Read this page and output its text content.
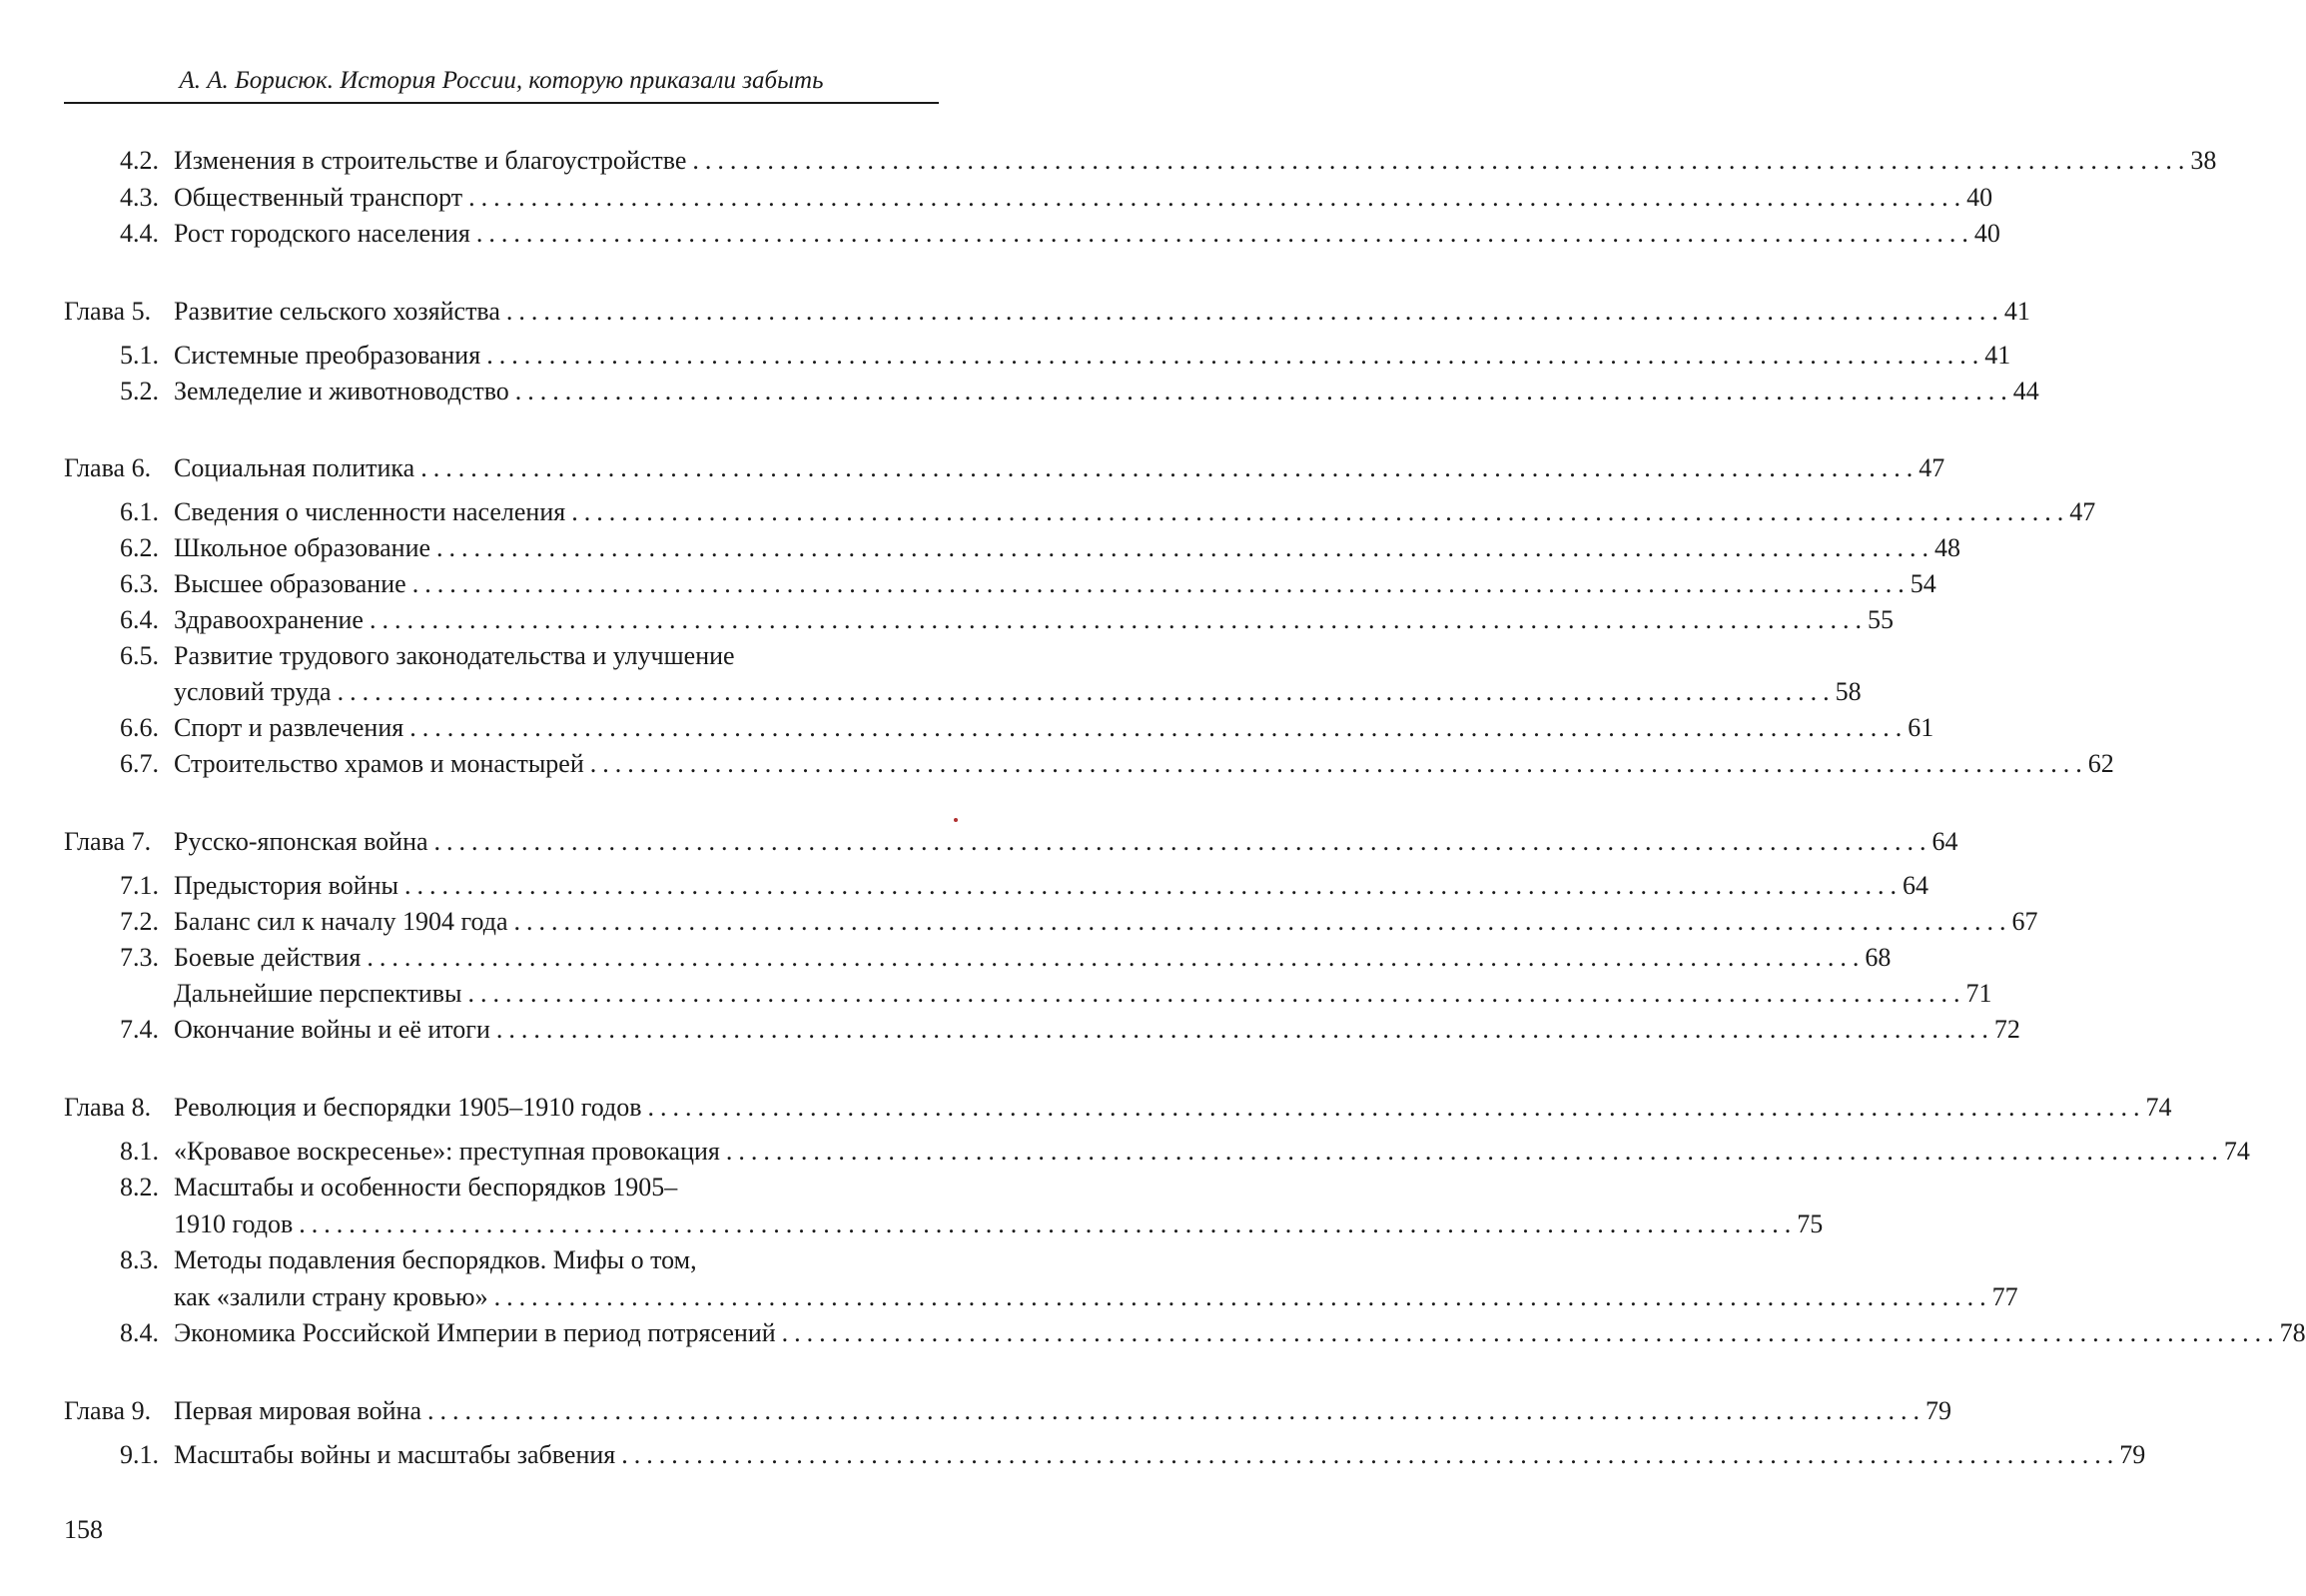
А. А. Борисюк. История России, которую приказали забыть
4.2. Изменения в строительстве и благоустройстве ........................................................................................................................ 38
4.3. Общественный транспорт ........................................................................................................................ 40
4.4. Рост городского населения ........................................................................................................................ 40
Глава 5. Развитие сельского хозяйства ........................................................................................................................ 41
5.1. Системные преобразования ........................................................................................................................ 41
5.2. Земледелие и животноводство ........................................................................................................................ 44
Глава 6. Социальная политика ........................................................................................................................ 47
6.1. Сведения о численности населения ........................................................................................................................ 47
6.2. Школьное образование ........................................................................................................................ 48
6.3. Высшее образование ........................................................................................................................ 54
6.4. Здравоохранение ........................................................................................................................ 55
6.5. Развитие трудового законодательства и улучшение
условий труда ........................................................................................................................ 58
6.6. Спорт и развлечения ........................................................................................................................ 61
6.7. Строительство храмов и монастырей ........................................................................................................................ 62
Глава 7. Русско-японская война ........................................................................................................................ 64
7.1. Предыстория войны ........................................................................................................................ 64
7.2. Баланс сил к началу 1904 года ........................................................................................................................ 67
7.3. Боевые действия ........................................................................................................................ 68
Дальнейшие перспективы ........................................................................................................................ 71
7.4. Окончание войны и её итоги ........................................................................................................................ 72
Глава 8. Революция и беспорядки 1905–1910 годов ........................................................................................................................ 74
8.1. «Кровавое воскресенье»: преступная провокация ........................................................................................................................ 74
8.2. Масштабы и особенности беспорядков 1905–
1910 годов ........................................................................................................................ 75
8.3. Методы подавления беспорядков. Мифы о том,
как «залили страну кровью» ........................................................................................................................ 77
8.4. Экономика Российской Империи в период потрясений ........................................................................................................................ 78
Глава 9. Первая мировая война ........................................................................................................................ 79
9.1. Масштабы войны и масштабы забвения ........................................................................................................................ 79
158
